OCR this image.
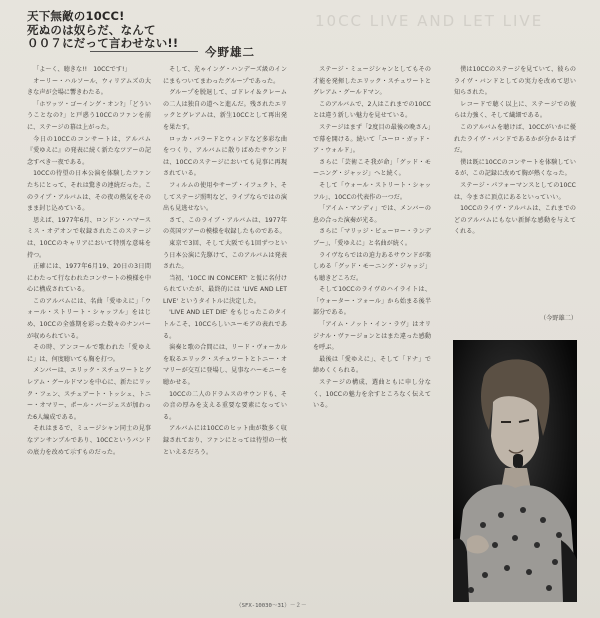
10CC LIVE AND LET LIVE
天下無敵の10CC!
死ぬのは奴らだ、なんて
００７にだって言わせない!!
今野雄二

「よ〜く、聴きな!!　10CCです!」

オーリー・ハルソール、ウィリアムズの大きな声が会場に響きわたる。

「ホワッツ・ゴーイング・オン?」「どういうことなの?」と戸惑う10CCのファンを前に、ステージの幕は上がった。

今日の10CCのコンサートは、アルバム『愛ゆえに』の発表に続く新たなツアーの記念すべき一夜である。

10CCの待望の日本公演を体験したファンたちにとって、それは驚きの連続だった。このライブ・アルバムは、その夜の熱気をそのまま封じ込めている。

思えば、1977年6月、ロンドン・ハマースミス・オデオンで収録されたこのステージは、10CCのキャリアにおいて特別な意味を持つ。

正確には、1977年6月19、20日の3日間にわたって行なわれたコンサートの模様を中心に構成されている。

このアルバムには、名曲「愛ゆえに」「ウォール・ストリート・シャッフル」をはじめ、10CCの全盛期を彩った数々のナンバーが収められている。

その時、アンコールで歌われた「愛ゆえに」は、何度聴いても胸を打つ。

メンバーは、エリック・スチュワートとグレアム・グールドマンを中心に、新たにリック・フェン、スチュアート・トッシュ、トニー・オマリー、ポール・バージェスが加わった6人編成である。

それはまるで、ミュージシャン同士の見事なアンサンブルであり、10CCというバンドの底力を改めて示すものだった。

そして、光ゃイング・ハンデーズ級のインにまもついてまわったグループであった。

グループを脱退して、ゴドレイ＆クレームの二人は独自の道へと進んだ。残されたエリックとグレアムは、新生10CCとして再出発を果たす。

ロッカ・バラードとウィンドなど多彩な曲をつくり、アルバムに散りばめたサウンドは、10CCのステージにおいても見事に再現されている。

フィルムの使用やサーブ・イフェクト、そしてステージ照明など、ライブならではの演出も見逃せない。

さて、このライブ・アルバムは、1977年の英国ツアーの模様を収録したものである。

東京で3回、そして大阪でも1回ずつという日本公演に先駆けて、このアルバムは発表された。

当初、'10CC IN CONCERT' と仮に名付けられていたが、最終的には 'LIVE AND LET LIVE' というタイトルに決定した。

'LIVE AND LET DIE' をもじったこのタイトルこそ、10CCらしいユーモアの表れである。

演奏と歌の合間には、リード・ヴォーカルを取るエリック・スチュワートとトニー・オマリーが交互に登場し、見事なハーモニーを聴かせる。

10CCの二人のドラムスのサウンドも、その音の厚みを支える重要な要素になっている。

アルバムには10CCのヒット曲が数多く収録されており、ファンにとっては待望の一枚といえるだろう。

ステージ・ミュージシャンとしてもその才能を発揮したエリック・スチュワートとグレアム・グールドマン。

このアルバムで、2人はこれまでの10CCとは違う新しい魅力を見せている。

ステージはまず「2度目の最後の晩さん」で幕を開ける。続いて「ユーロ・ガッド・ア・ウォルド」。

さらに「芸術こそ我が命」「グッド・モーニング・ジャッジ」へと続く。

そして「ウォール・ストリート・シャッフル」、10CCの代表作の一つだ。

「アイム・マンディ」では、メンバーの息の合った演奏が光る。

さらに「マリッジ・ビューロー・ランデブー」、「愛ゆえに」と名曲が続く。

ライヴならではの迫力あるサウンドが楽しめる「グッド・モーニング・ジャッジ」も聴きどころだ。

そして10CCのライヴのハイライトは、「ウォーター・フォール」から始まる後半部分である。

「アイム・ノット・イン・ラヴ」はオリジナル・ヴァージョンとはまた違った感動を呼ぶ。

最後は「愛ゆえに」、そして「ドナ」で締めくくられる。

ステージの構成、選曲ともに申し分なく、10CCの魅力を余すところなく伝えている。

僕は10CCのステージを見ていて、彼らのライヴ・バンドとしての実力を改めて思い知らされた。

レコードで聴く以上に、ステージでの彼らは力強く、そして繊細である。

このアルバムを聴けば、10CCがいかに優れたライヴ・バンドであるかが分かるはずだ。

僕は既に10CCのコンサートを体験しているが、この記録に改めて胸が熱くなった。

ステージ・パフォーマンスとしての10CCは、今まさに頂点にあるといっていい。

10CCのライヴ・アルバムは、これまでのどのアルバムにもない新鮮な感動を与えてくれる。

（今野雄二）
（SFX-10030～31）－２－
